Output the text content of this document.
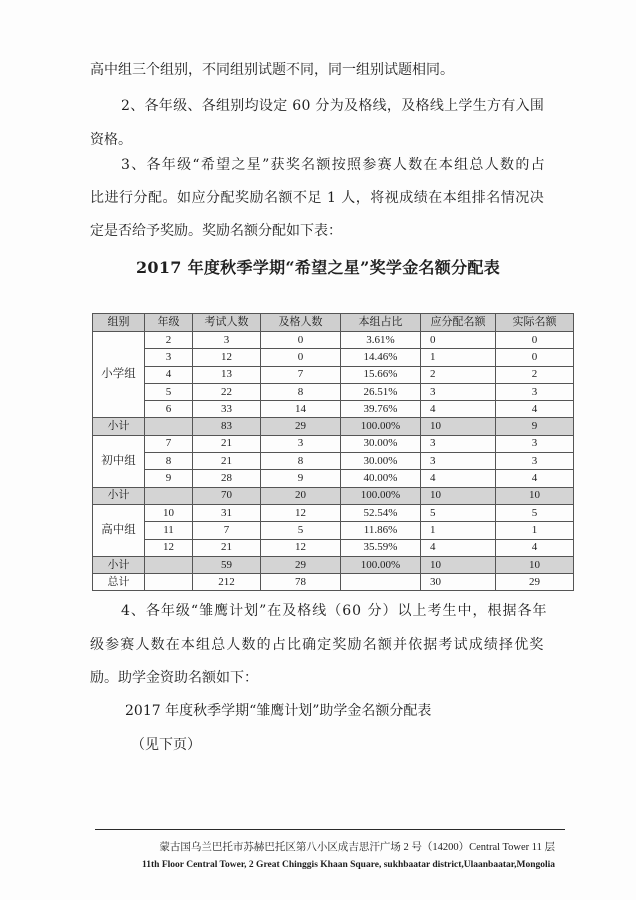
高中组三个组别，不同组别试题不同，同一组别试题相同。
2、各年级、各组别均设定 60 分为及格线，及格线上学生方有入围
资格。
3、各年级“希望之星”获奖名额按照参赛人数在本组总人数的占
比进行分配。如应分配奖励名额不足 1 人，将视成绩在本组排名情况决
定是否给予奖励。奖励名额分配如下表：
2017 年度秋季学期“希望之星”奖学金名额分配表
组别	年级	考试人数	及格人数	本组占比	应分配名额	实际名额
小学组	2	3	0	3.61%	0	0
	3	12	0	14.46%	1	0
	4	13	7	15.66%	2	2
	5	22	8	26.51%	3	3
	6	33	14	39.76%	4	4
小计		83	29	100.00%	10	9
初中组	7	21	3	30.00%	3	3
	8	21	8	30.00%	3	3
	9	28	9	40.00%	4	4
小计		70	20	100.00%	10	10
高中组	10	31	12	52.54%	5	5
	11	7	5	11.86%	1	1
	12	21	12	35.59%	4	4
小计		59	29	100.00%	10	10
总计		212	78		30	29
4、各年级“雏鹰计划”在及格线（60 分）以上考生中，根据各年
级参赛人数在本组总人数的占比确定奖励名额并依据考试成绩择优奖
励。助学金资助名额如下：
2017 年度秋季学期“雏鹰计划”助学金名额分配表
（见下页）
蒙古国乌兰巴托市苏赫巴托区第八小区成吉思汗广场 2 号（14200）Central Tower 11 层
11th Floor Central Tower, 2 Great Chinggis Khaan Square, sukhbaatar district,Ulaanbaatar,Mongolia
